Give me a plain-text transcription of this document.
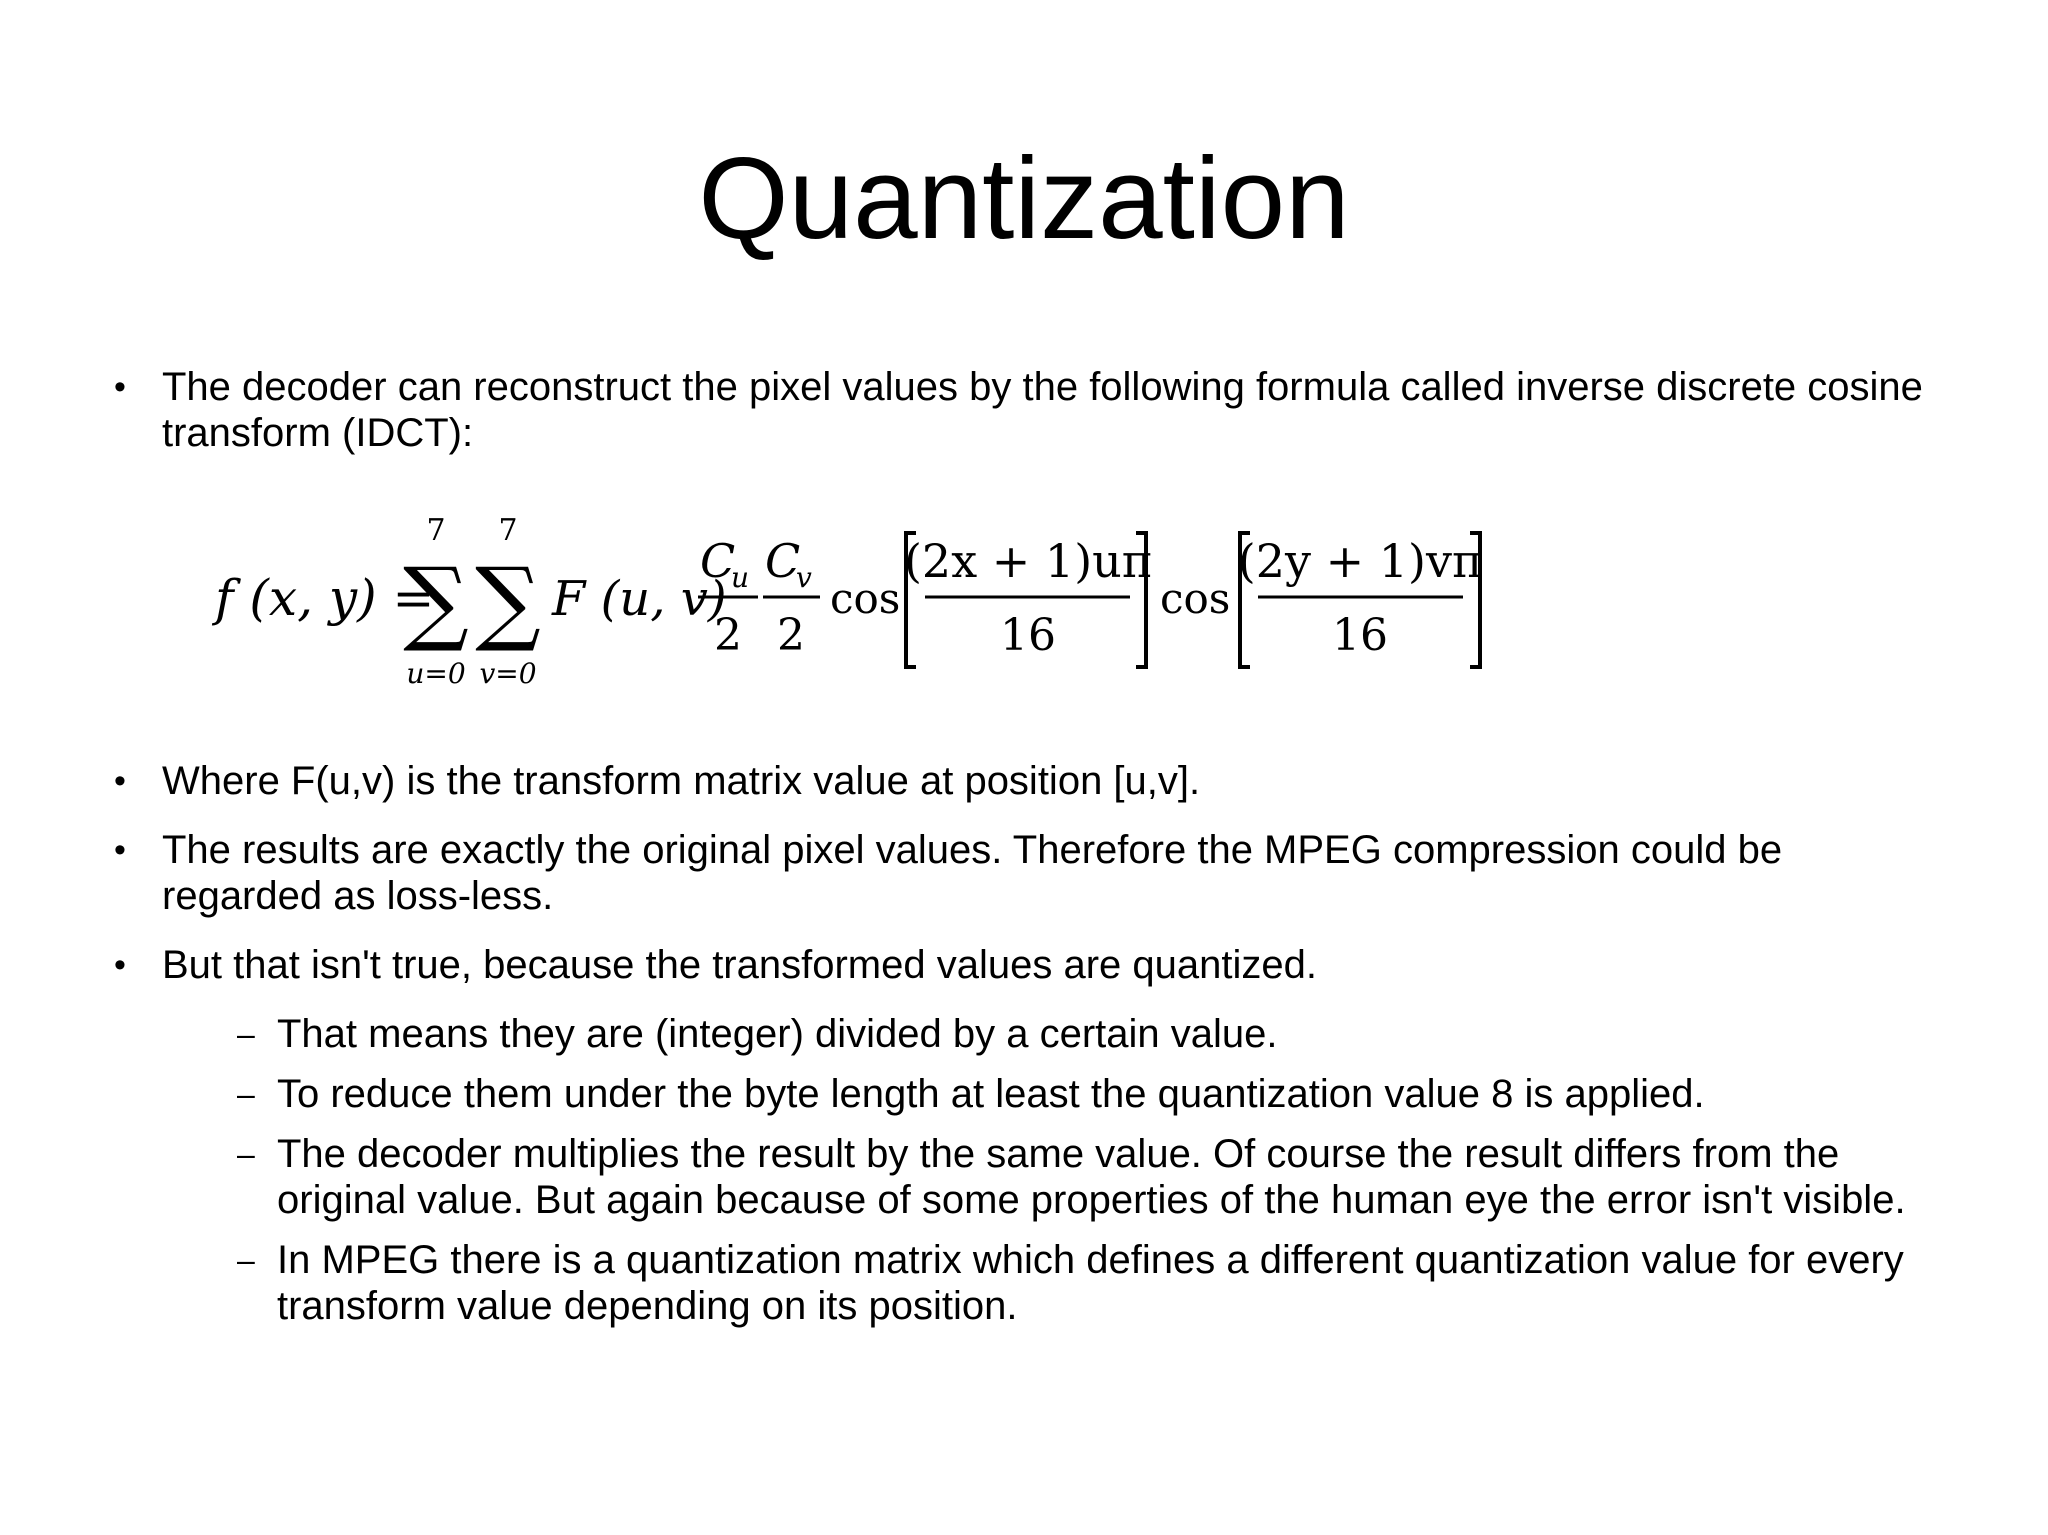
Quantization
• The decoder can reconstruct the pixel values by the following formula called inverse discrete cosine
transform (IDCT):
f (x, y) =
7
∑
u=0
7
∑
v=0
F (u, v)
C
u
2
C
v
2
cos
(2x + 1)uπ
16
cos
(2y + 1)vπ
16
• Where F(u,v) is the transform matrix value at position [u,v].
• The results are exactly the original pixel values. Therefore the MPEG compression could be
regarded as loss-less.
• But that isn't true, because the transformed values are quantized.
– That means they are (integer) divided by a certain value.
– To reduce them under the byte length at least the quantization value 8 is applied.
– The decoder multiplies the result by the same value. Of course the result differs from the
original value. But again because of some properties of the human eye the error isn't visible.
– In MPEG there is a quantization matrix which defines a different quantization value for every
transform value depending on its position.
